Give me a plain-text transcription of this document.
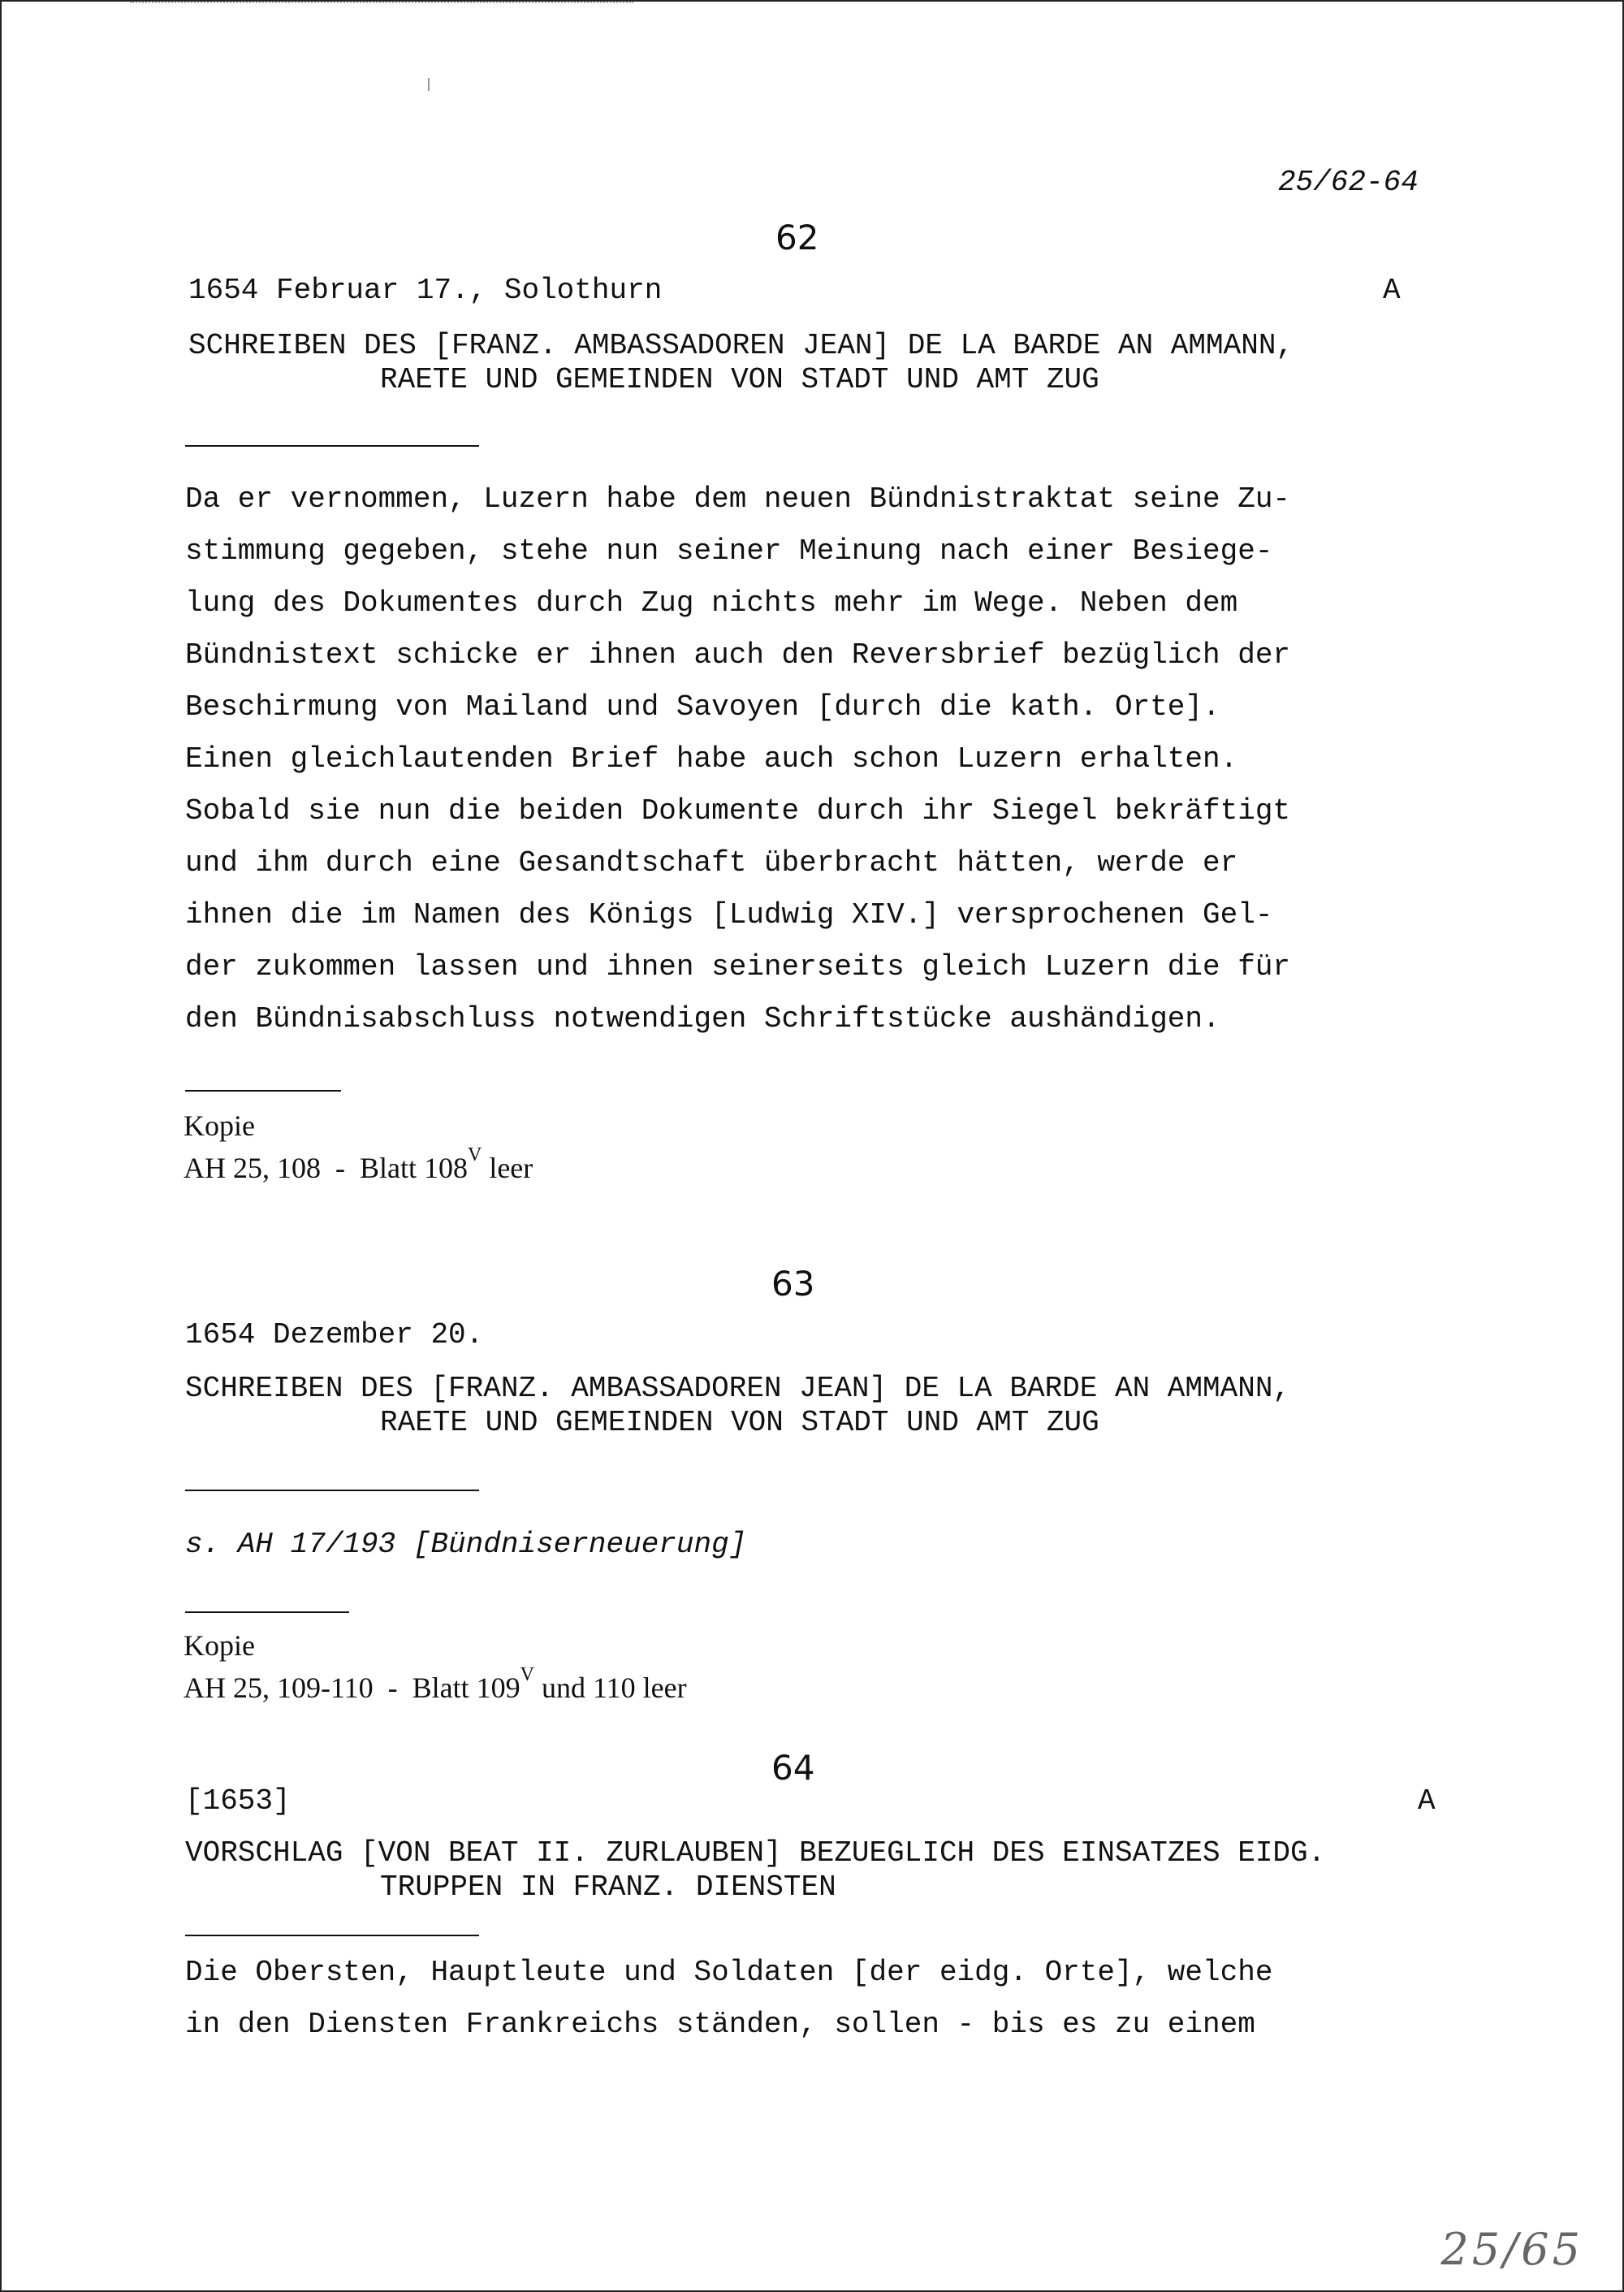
25/62-64
62
1654 Februar 17., Solothurn	A
SCHREIBEN DES [FRANZ. AMBASSADOREN JEAN] DE LA BARDE AN AMMANN,
RAETE UND GEMEINDEN VON STADT UND AMT ZUG
Da er vernommen, Luzern habe dem neuen Bündnistraktat seine Zu-
stimmung gegeben, stehe nun seiner Meinung nach einer Besiege-
lung des Dokumentes durch Zug nichts mehr im Wege. Neben dem
Bündnistext schicke er ihnen auch den Reversbrief bezüglich der
Beschirmung von Mailand und Savoyen [durch die kath. Orte].
Einen gleichlautenden Brief habe auch schon Luzern erhalten.
Sobald sie nun die beiden Dokumente durch ihr Siegel bekräftigt
und ihm durch eine Gesandtschaft überbracht hätten, werde er
ihnen die im Namen des Königs [Ludwig XIV.] versprochenen Gel-
der zukommen lassen und ihnen seinerseits gleich Luzern die für
den Bündnisabschluss notwendigen Schriftstücke aushändigen.
Kopie
AH 25, 108  -  Blatt $108^V$ leer
63
1654 Dezember 20.
SCHREIBEN DES [FRANZ. AMBASSADOREN JEAN] DE LA BARDE AN AMMANN,
RAETE UND GEMEINDEN VON STADT UND AMT ZUG
s. AH 17/193 [Bündniserneuerung]
Kopie
AH 25, 109-110  -  Blatt $109^V$ und 110 leer
64
[1653]	A
VORSCHLAG [VON BEAT II. ZURLAUBEN] BEZUEGLICH DES EINSATZES EIDG.
TRUPPEN IN FRANZ. DIENSTEN
Die Obersten, Hauptleute und Soldaten [der eidg. Orte], welche
in den Diensten Frankreichs ständen, sollen - bis es zu einem
25/65
